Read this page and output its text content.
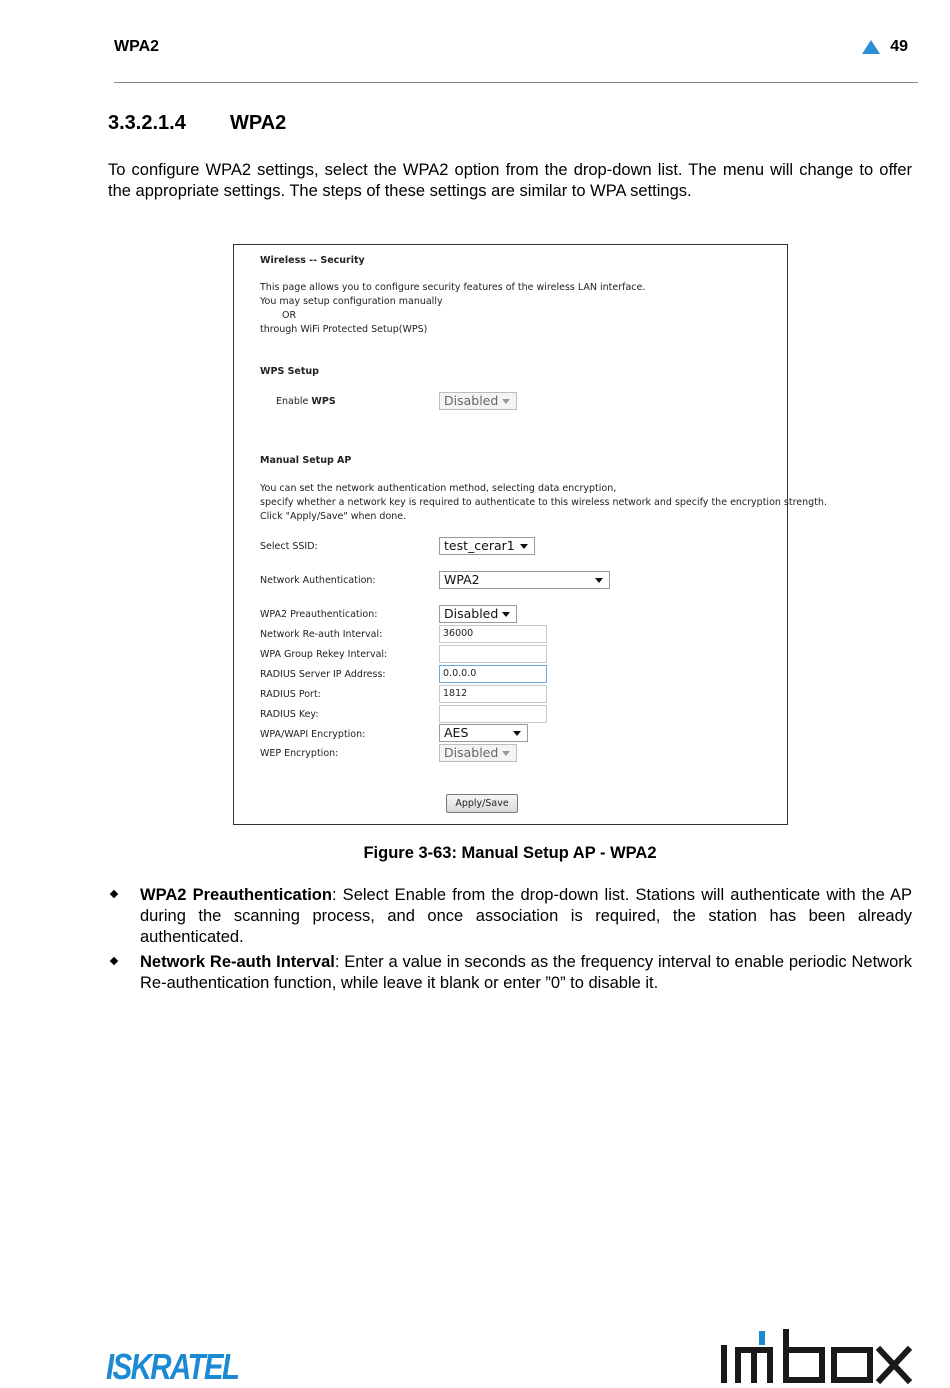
WPA2	49
3.3.2.1.4 WPA2
To configure WPA2 settings, select the WPA2 option from the drop-down list. The menu will change to offer the appropriate settings. The steps of these settings are similar to WPA settings.
Wireless -- Security
This page allows you to configure security features of the wireless LAN interface.
You may setup configuration manually
OR
through WiFi Protected Setup(WPS)
WPS Setup
Enable WPS	Disabled
Manual Setup AP
You can set the network authentication method, selecting data encryption,
specify whether a network key is required to authenticate to this wireless network and specify the encryption strength.
Click "Apply/Save" when done.
Select SSID:	test_cerar1
Network Authentication:	WPA2
WPA2 Preauthentication:	Disabled
Network Re-auth Interval:	36000
WPA Group Rekey Interval:
RADIUS Server IP Address:	0.0.0.0
RADIUS Port:	1812
RADIUS Key:
WPA/WAPI Encryption:	AES
WEP Encryption:	Disabled
Apply/Save
Figure 3-63: Manual Setup AP - WPA2
WPA2 Preauthentication: Select Enable from the drop-down list. Stations will authenticate with the AP during the scanning process, and once association is required, the station has been already authenticated.
Network Re-auth Interval: Enter a value in seconds as the frequency interval to enable periodic Network Re-authentication function, while leave it blank or enter ”0” to disable it.
ISKRATEL
